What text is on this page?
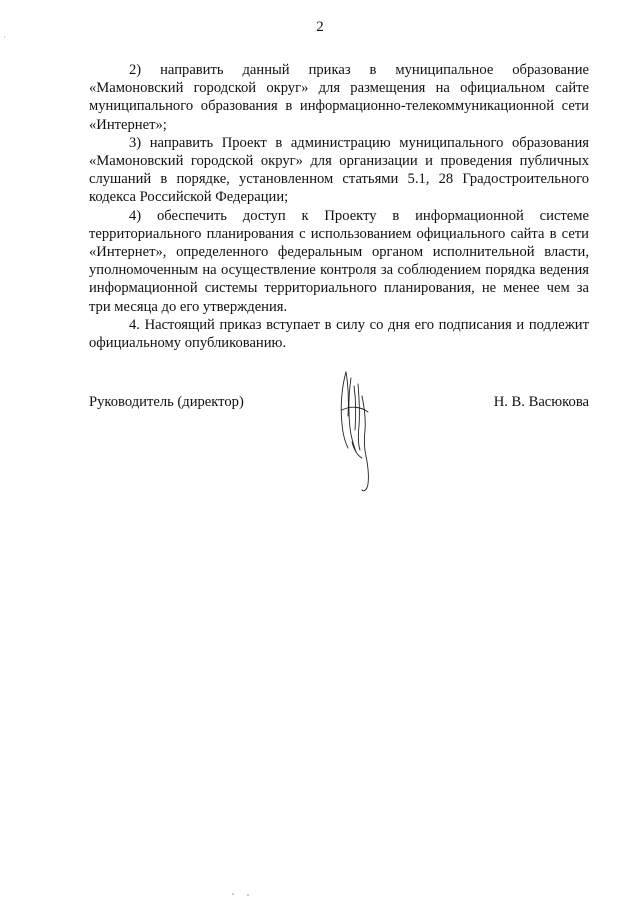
2

2) направить данный приказ в муниципальное образование «Мамоновский городской округ» для размещения на официальном сайте муниципального образования в информационно-телекоммуникационной сети «Интернет»;

3) направить Проект в администрацию муниципального образования «Мамоновский городской округ» для организации и проведения публичных слушаний в порядке, установленном статьями 5.1, 28 Градостроительного кодекса Российской Федерации;

4) обеспечить доступ к Проекту в информационной системе территориального планирования с использованием официального сайта в сети «Интернет», определенного федеральным органом исполнительной власти, уполномоченным на осуществление контроля за соблюдением порядка ведения информационной системы территориального планирования, не менее чем за три месяца до его утверждения.

4. Настоящий приказ вступает в силу со дня его подписания и подлежит официальному опубликованию.

Руководитель (директор)	Н. В. Васюкова
